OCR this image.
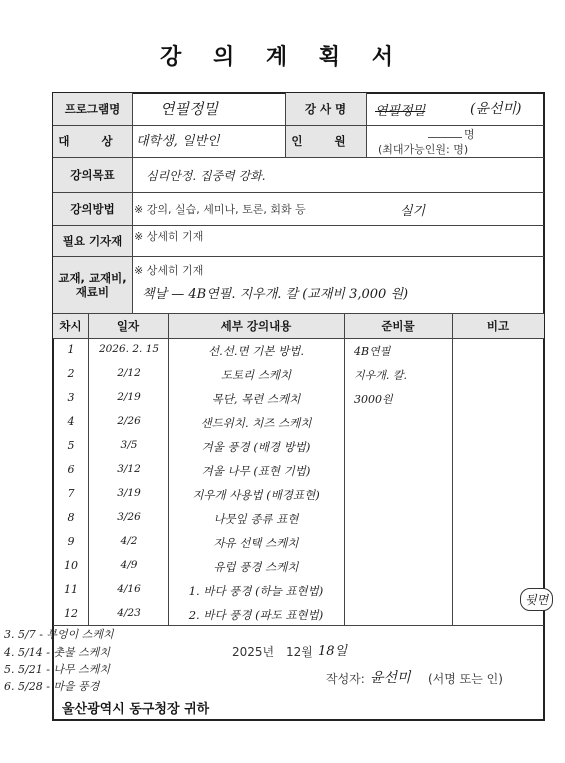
강 의 계 획 서
프로그램명	연필정밀	강 사 명	연필정밀	(윤선미)
대 상 대학생, 일반인	인 원	명
(최대가능인원: 명)
강의목표	심리안정. 집중력 강화.
강의방법	※ 강의, 실습, 세미나, 토론, 회화 등	실기
필요 기자재	※ 상세히 기재
교재, 교재비, 재료비
※ 상세히 기재
책날 — 4B연필. 지우개. 칼 (교재비 3,000 원)
차시	일자	세부 강의내용	준비물	비고
1	2026. 2. 15	선.선.면 기본 방법.	4B연필
2	2/12	도토리 스케치	지우개. 칼.
3	2/19	목단, 목련 스케치	3000원
4	2/26	샌드위치. 치즈 스케치
5	3/5	겨울 풍경 (배경 방법)
6	3/12	겨울 나무 (표현 기법)
7	3/19	지우개 사용법 (배경표현)
8	3/26	나뭇잎 종류 표현
9	4/2	자유 선택 스케치
10	4/9	유럽 풍경 스케치
11	4/16	1. 바다 풍경 (하늘 표현법)
12	4/23	2. 바다 풍경 (파도 표현법)
뒷면
3. 5/7 - 부엉이 스케치
4. 5/14 - 촛불 스케치
5. 5/21 - 나무 스케치
6. 5/28 - 마을 풍경
2025년 12월 18일
작성자: 윤선미 (서명 또는 인)
울산광역시 동구청장 귀하
